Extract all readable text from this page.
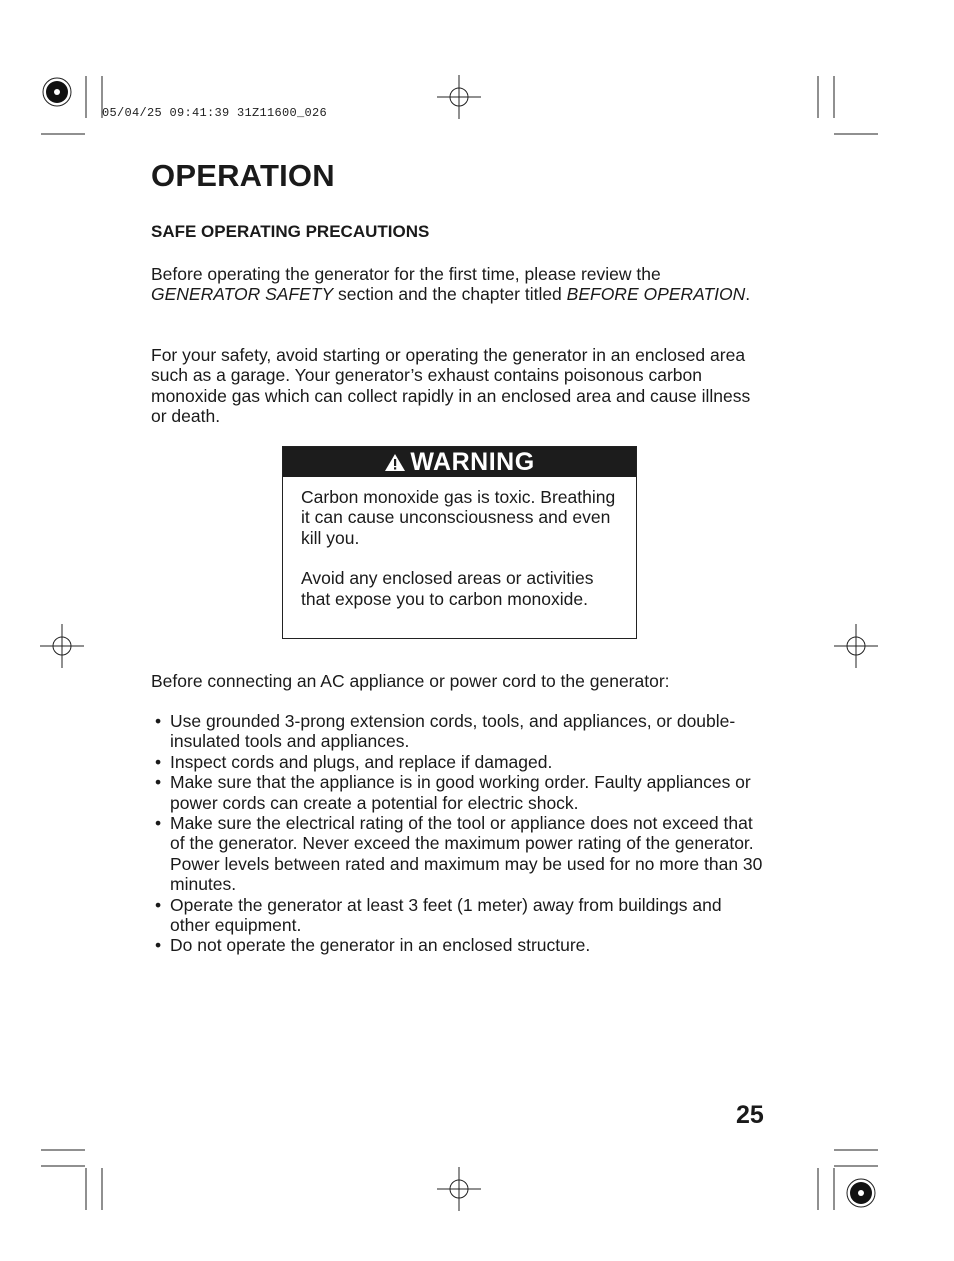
05/04/25 09:41:39 31Z11600_026
OPERATION
SAFE OPERATING PRECAUTIONS

Before operating the generator for the first time, please review the GENERATOR SAFETY section and the chapter titled BEFORE OPERATION.

For your safety, avoid starting or operating the generator in an enclosed area such as a garage. Your generator’s exhaust contains poisonous carbon monoxide gas which can collect rapidly in an enclosed area and cause illness or death.

WARNING

Carbon monoxide gas is toxic. Breathing it can cause unconsciousness and even kill you.

Avoid any enclosed areas or activities that expose you to carbon monoxide.

Before connecting an AC appliance or power cord to the generator:

• Use grounded 3-prong extension cords, tools, and appliances, or double-insulated tools and appliances.
• Inspect cords and plugs, and replace if damaged.
• Make sure that the appliance is in good working order. Faulty appliances or power cords can create a potential for electric shock.
• Make sure the electrical rating of the tool or appliance does not exceed that of the generator. Never exceed the maximum power rating of the generator. Power levels between rated and maximum may be used for no more than 30 minutes.
• Operate the generator at least 3 feet (1 meter) away from buildings and other equipment.
• Do not operate the generator in an enclosed structure.
25
